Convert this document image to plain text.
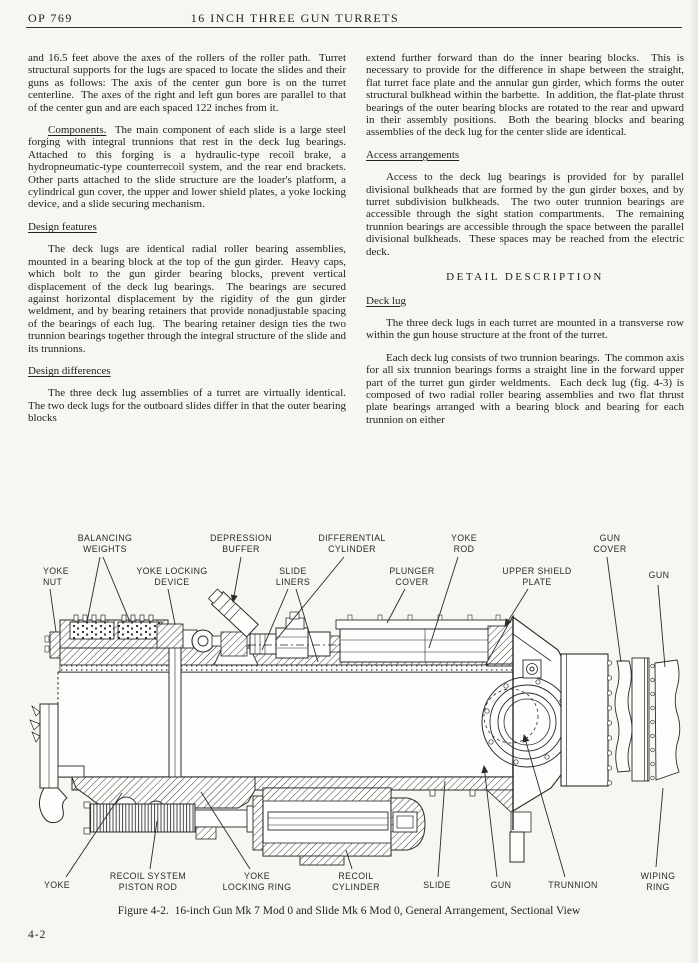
OP 769	16 INCH THREE GUN TURRETS

and 16.5 feet above the axes of the rollers of the roller path.  Turret structural supports for the lugs are spaced to locate the slides and their guns as follows: The axis of the center gun bore is on the turret centerline.  The axes of the right and left gun bores are parallel to that of the center gun and are each spaced 122 inches from it.

Components.  The main component of each slide is a large steel forging with integral trunnions that rest in the deck lug bearings.  Attached to this forging is a hydraulic-type recoil brake, a hydropneumatic-type counterrecoil system, and the rear end brackets.  Other parts attached to the slide structure are the loader's platform, a cylindrical gun cover, the upper and lower shield plates, a yoke locking device, and a slide securing mechanism.

Design features

The deck lugs are identical radial roller bearing assemblies, mounted in a bearing block at the top of the gun girder.  Heavy caps, which bolt to the gun girder bearing blocks, prevent vertical displacement of the deck lug bearings.  The bearings are secured against horizontal displacement by the rigidity of the gun girder weldment, and by bearing retainers that provide nonadjustable spacing of the bearings of each lug.  The bearing retainer design ties the two trunnion bearings together through the integral structure of the slide and its trunnions.

Design differences

The three deck lug assemblies of a turret are virtually identical.  The two deck lugs for the outboard slides differ in that the outer bearing blocks

extend further forward than do the inner bearing blocks.  This is necessary to provide for the difference in shape between the straight, flat turret face plate and the annular gun girder, which forms the outer structural bulkhead within the barbette.  In addition, the flat-plate thrust bearings of the outer bearing blocks are rotated to the rear and upward in their assembly positions.  Both the bearing blocks and bearing assemblies of the deck lug for the center slide are identical.

Access arrangements

Access to the deck lug bearings is provided for by parallel divisional bulkheads that are formed by the gun girder boxes, and by turret subdivision bulkheads.  The two outer trunnion bearings are accessible through the sight station compartments.  The remaining trunnion bearings are accessible through the space between the parallel divisional bulkheads.  These spaces may be reached from the electric deck.

DETAIL DESCRIPTION
Deck lug

The three deck lugs in each turret are mounted in a transverse row within the gun house structure at the front of the turret.

Each deck lug consists of two trunnion bearings.  The common axis for all six trunnion bearings forms a straight line in the forward upper part of the turret gun girder weldments.  Each deck lug (fig. 4-3) is composed of two radial roller bearing assemblies and two flat thrust plate bearings arranged with a bearing block and bearing for each trunnion on either

BALANCING
WEIGHTS
YOKE
NUT
YOKE LOCKING
DEVICE
DEPRESSION
BUFFER
SLIDE
LINERS
DIFFERENTIAL
CYLINDER
PLUNGER
COVER
YOKE
ROD
UPPER SHIELD
PLATE
GUN
COVER
GUN
YOKE
RECOIL SYSTEM
PISTON ROD
YOKE
LOCKING RING
RECOIL
CYLINDER	SLIDE	GUN	TRUNNION
WIPING
RING
Figure 4-2.  16-inch Gun Mk 7 Mod 0 and Slide Mk 6 Mod 0, General Arrangement, Sectional View
4-2
